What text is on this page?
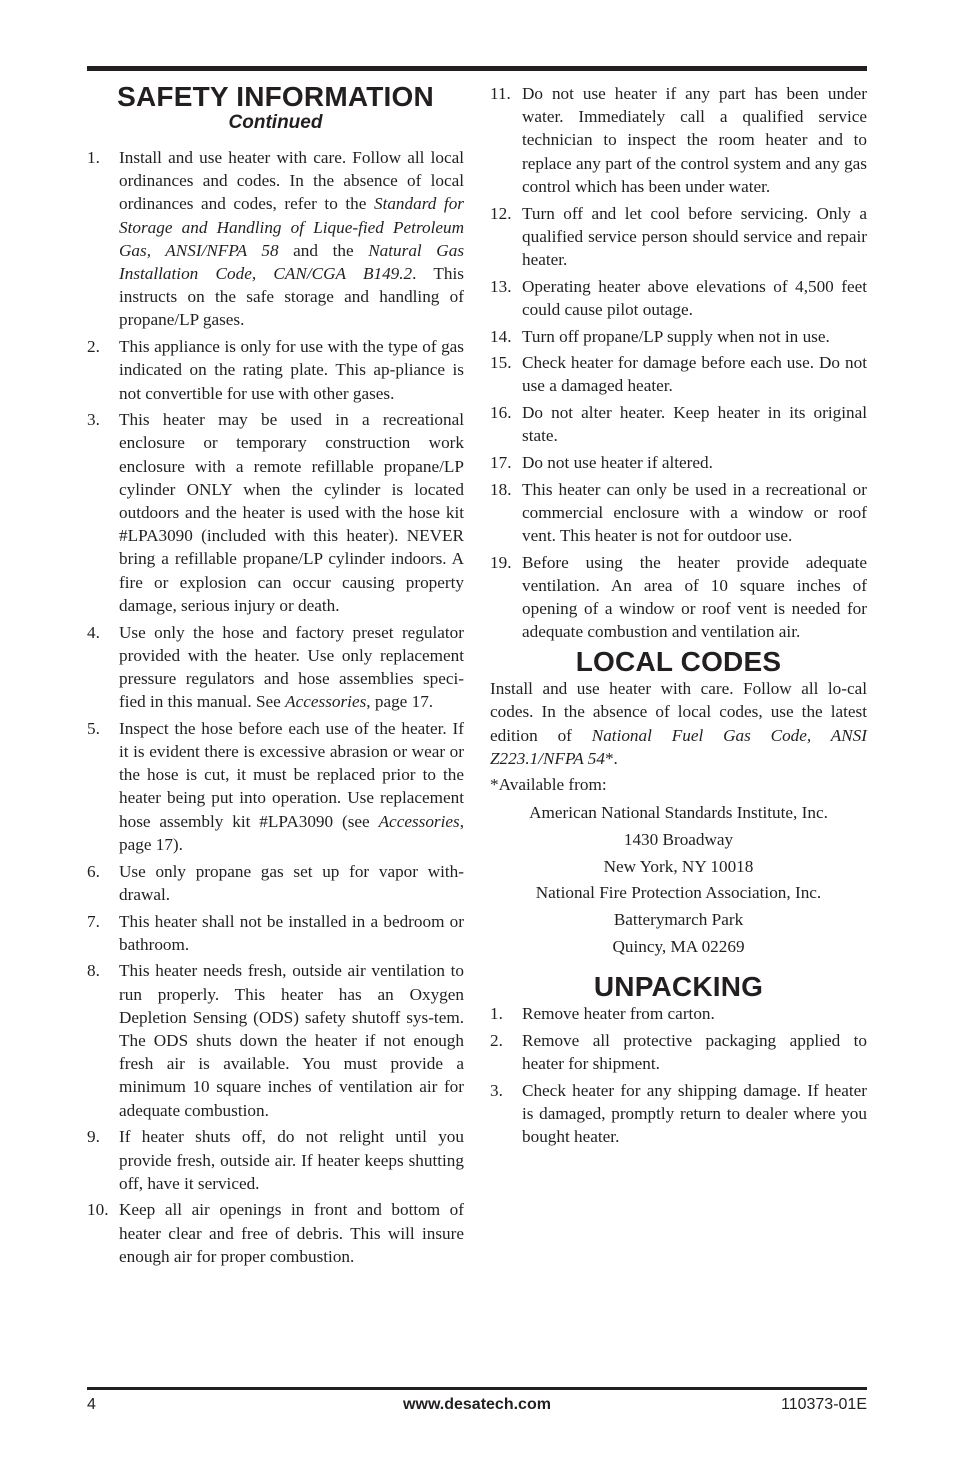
SAFETY INFORMATION
Continued
1. Install and use heater with care. Follow all local ordinances and codes. In the absence of local ordinances and codes, refer to the Standard for Storage and Handling of Lique-fied Petroleum Gas, ANSI/NFPA 58 and the Natural Gas Installation Code, CAN/CGA B149.2. This instructs on the safe storage and handling of propane/LP gases.
2. This appliance is only for use with the type of gas indicated on the rating plate. This ap-pliance is not convertible for use with other gases.
3. This heater may be used in a recreational enclosure or temporary construction work enclosure with a remote refillable propane/LP cylinder ONLY when the cylinder is located outdoors and the heater is used with the hose kit #LPA3090 (included with this heater). NEVER bring a refillable propane/LP cylinder indoors. A fire or explosion can occur causing property damage, serious injury or death.
4. Use only the hose and factory preset regulator provided with the heater. Use only replacement pressure regulators and hose assemblies speci-fied in this manual. See Accessories, page 17.
5. Inspect the hose before each use of the heater. If it is evident there is excessive abrasion or wear or the hose is cut, it must be replaced prior to the heater being put into operation. Use replacement hose assembly kit #LPA3090 (see Accessories, page 17).
6. Use only propane gas set up for vapor with-drawal.
7. This heater shall not be installed in a bedroom or bathroom.
8. This heater needs fresh, outside air ventilation to run properly. This heater has an Oxygen Depletion Sensing (ODS) safety shutoff sys-tem. The ODS shuts down the heater if not enough fresh air is available. You must provide a minimum 10 square inches of ventilation air for adequate combustion.
9. If heater shuts off, do not relight until you provide fresh, outside air. If heater keeps shutting off, have it serviced.
10. Keep all air openings in front and bottom of heater clear and free of debris. This will insure enough air for proper combustion.
11. Do not use heater if any part has been under water. Immediately call a qualified service technician to inspect the room heater and to replace any part of the control system and any gas control which has been under water.
12. Turn off and let cool before servicing. Only a qualified service person should service and repair heater.
13. Operating heater above elevations of 4,500 feet could cause pilot outage.
14. Turn off propane/LP supply when not in use.
15. Check heater for damage before each use. Do not use a damaged heater.
16. Do not alter heater. Keep heater in its original state.
17. Do not use heater if altered.
18. This heater can only be used in a recreational or commercial enclosure with a window or roof vent. This heater is not for outdoor use.
19. Before using the heater provide adequate ventilation. An area of 10 square inches of opening of a window or roof vent is needed for adequate combustion and ventilation air.
LOCAL CODES

Install and use heater with care. Follow all lo-cal codes. In the absence of local codes, use the latest edition of National Fuel Gas Code, ANSI Z223.1/NFPA 54*.

*Available from:

American National Standards Institute, Inc.

1430 Broadway

New York, NY 10018

National Fire Protection Association, Inc.

Batterymarch Park

Quincy, MA 02269

UNPACKING
1. Remove heater from carton.
2. Remove all protective packaging applied to heater for shipment.
3. Check heater for any shipping damage. If heater is damaged, promptly return to dealer where you bought heater.
4	www.desatech.com	110373-01E
